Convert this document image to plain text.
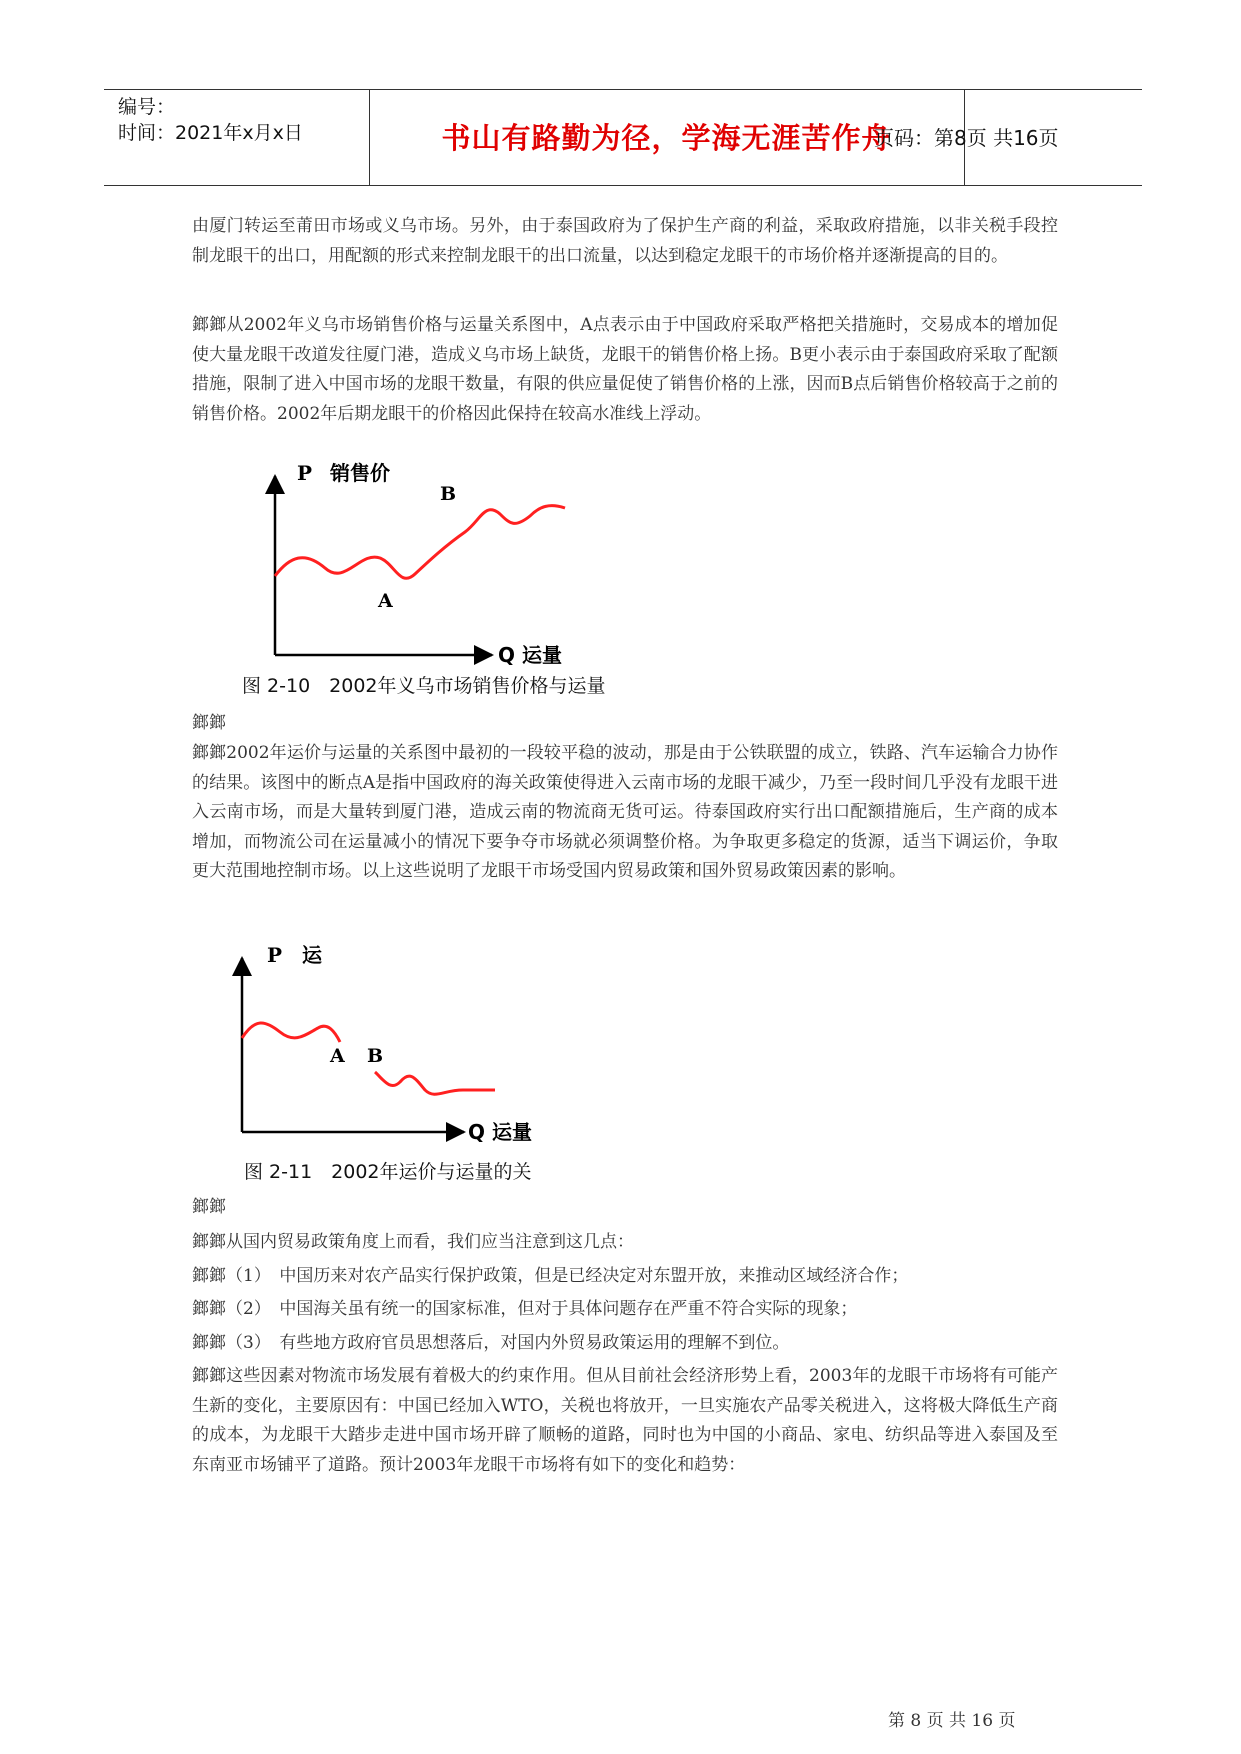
编号：
时间：2021年x月x日	书山有路勤为径，学海无涯苦作舟
页码：第8页 共16页

由厦门转运至莆田市场或义乌市场。另外，由于泰国政府为了保护生产商的利益，采取政府措施，以非关税手段控制龙眼干的出口，用配额的形式来控制龙眼干的出口流量，以达到稳定龙眼干的市场价格并逐渐提高的目的。

鎯鎯从2002年义乌市场销售价格与运量关系图中，A点表示由于中国政府采取严格把关措施时，交易成本的增加促使大量龙眼干改道发往厦门港，造成义乌市场上缺货，龙眼干的销售价格上扬。B更小表示由于泰国政府采取了配额措施，限制了进入中国市场的龙眼干数量，有限的供应量促使了销售价格的上涨，因而B点后销售价格较高于之前的销售价格。2002年后期龙眼干的价格因此保持在较高水准线上浮动。

P 销售价
A
B
Q 运量
图 2-10　2002年义乌市场销售价格与运量

鎯鎯

鎯鎯2002年运价与运量的关系图中最初的一段较平稳的波动，那是由于公铁联盟的成立，铁路、汽车运输合力协作的结果。该图中的断点A是指中国政府的海关政策使得进入云南市场的龙眼干减少，乃至一段时间几乎没有龙眼干进入云南市场，而是大量转到厦门港，造成云南的物流商无货可运。待泰国政府实行出口配额措施后，生产商的成本增加，而物流公司在运量减小的情况下要争夺市场就必须调整价格。为争取更多稳定的货源，适当下调运价，争取更大范围地控制市场。以上这些说明了龙眼干市场受国内贸易政策和国外贸易政策因素的影响。

P 运
A B
Q 运量
图 2-11　2002年运价与运量的关

鎯鎯

鎯鎯从国内贸易政策角度上而看，我们应当注意到这几点：

鎯鎯（1）　中国历来对农产品实行保护政策，但是已经决定对东盟开放，来推动区域经济合作；

鎯鎯（2）　中国海关虽有统一的国家标准，但对于具体问题存在严重不符合实际的现象；

鎯鎯（3）　有些地方政府官员思想落后，对国内外贸易政策运用的理解不到位。

鎯鎯这些因素对物流市场发展有着极大的约束作用。但从目前社会经济形势上看，2003年的龙眼干市场将有可能产生新的变化，主要原因有：中国已经加入WTO，关税也将放开，一旦实施农产品零关税进入，这将极大降低生产商的成本，为龙眼干大踏步走进中国市场开辟了顺畅的道路，同时也为中国的小商品、家电、纺织品等进入泰国及至东南亚市场铺平了道路。预计2003年龙眼干市场将有如下的变化和趋势：

第 8 页 共 16 页
